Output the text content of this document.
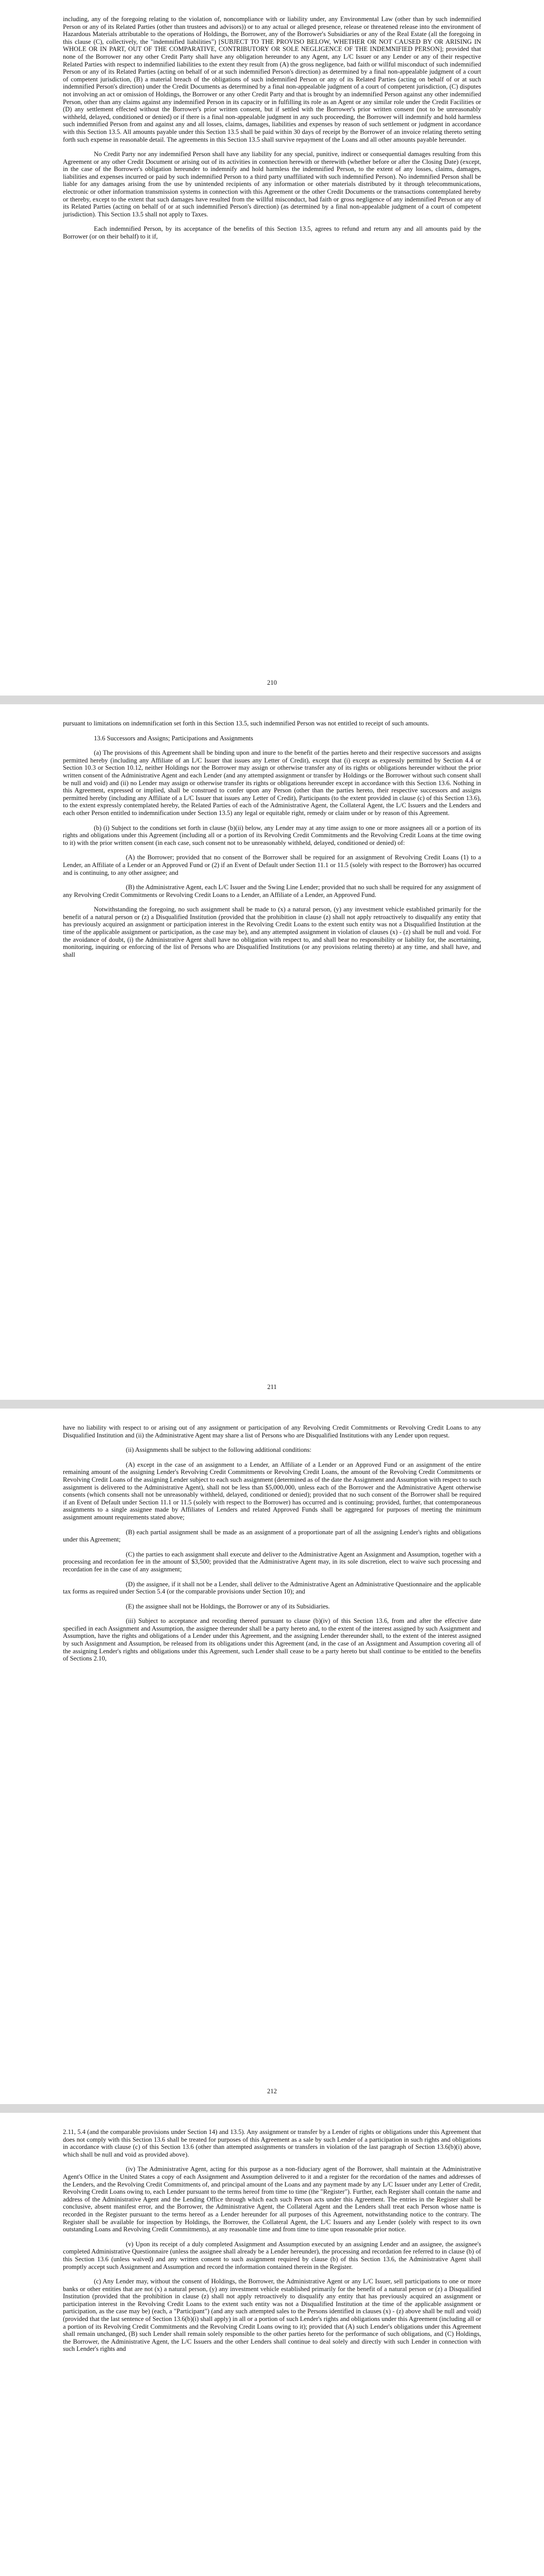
including, any of the foregoing relating to the violation of, noncompliance with or liability under, any Environmental Law (other than by such indemnified Person or any of its Related Parties (other than trustees and advisors)) or to any actual or alleged presence, release or threatened release into the environment of Hazardous Materials attributable to the operations of Holdings, the Borrower, any of the Borrower's Subsidiaries or any of the Real Estate (all the foregoing in this clause (C), collectively, the "indemnified liabilities") [SUBJECT TO THE PROVISO BELOW, WHETHER OR NOT CAUSED BY OR ARISING IN WHOLE OR IN PART, OUT OF THE COMPARATIVE, CONTRIBUTORY OR SOLE NEGLIGENCE OF THE INDEMNIFIED PERSON]; provided that none of the Borrower nor any other Credit Party shall have any obligation hereunder to any Agent, any L/C Issuer or any Lender or any of their respective Related Parties with respect to indemnified liabilities to the extent they result from (A) the gross negligence, bad faith or willful misconduct of such indemnified Person or any of its Related Parties (acting on behalf of or at such indemnified Person's direction) as determined by a final non-appealable judgment of a court of competent jurisdiction, (B) a material breach of the obligations of such indemnified Person or any of its Related Parties (acting on behalf of or at such indemnified Person's direction) under the Credit Documents as determined by a final non-appealable judgment of a court of competent jurisdiction, (C) disputes not involving an act or omission of Holdings, the Borrower or any other Credit Party and that is brought by an indemnified Person against any other indemnified Person, other than any claims against any indemnified Person in its capacity or in fulfilling its role as an Agent or any similar role under the Credit Facilities or (D) any settlement effected without the Borrower's prior written consent, but if settled with the Borrower's prior written consent (not to be unreasonably withheld, delayed, conditioned or denied) or if there is a final non-appealable judgment in any such proceeding, the Borrower will indemnify and hold harmless such indemnified Person from and against any and all losses, claims, damages, liabilities and expenses by reason of such settlement or judgment in accordance with this Section 13.5. All amounts payable under this Section 13.5 shall be paid within 30 days of receipt by the Borrower of an invoice relating thereto setting forth such expense in reasonable detail. The agreements in this Section 13.5 shall survive repayment of the Loans and all other amounts payable hereunder.

No Credit Party nor any indemnified Person shall have any liability for any special, punitive, indirect or consequential damages resulting from this Agreement or any other Credit Document or arising out of its activities in connection herewith or therewith (whether before or after the Closing Date) (except, in the case of the Borrower's obligation hereunder to indemnify and hold harmless the indemnified Person, to the extent of any losses, claims, damages, liabilities and expenses incurred or paid by such indemnified Person to a third party unaffiliated with such indemnified Person). No indemnified Person shall be liable for any damages arising from the use by unintended recipients of any information or other materials distributed by it through telecommunications, electronic or other information transmission systems in connection with this Agreement or the other Credit Documents or the transactions contemplated hereby or thereby, except to the extent that such damages have resulted from the willful misconduct, bad faith or gross negligence of any indemnified Person or any of its Related Parties (acting on behalf of or at such indemnified Person's direction) (as determined by a final non-appealable judgment of a court of competent jurisdiction). This Section 13.5 shall not apply to Taxes.

Each indemnified Person, by its acceptance of the benefits of this Section 13.5, agrees to refund and return any and all amounts paid by the Borrower (or on their behalf) to it if,

210

pursuant to limitations on indemnification set forth in this Section 13.5, such indemnified Person was not entitled to receipt of such amounts.

13.6 Successors and Assigns; Participations and Assignments

(a) The provisions of this Agreement shall be binding upon and inure to the benefit of the parties hereto and their respective successors and assigns permitted hereby (including any Affiliate of an L/C Issuer that issues any Letter of Credit), except that (i) except as expressly permitted by Section 4.4 or Section 10.3 or Section 10.12, neither Holdings nor the Borrower may assign or otherwise transfer any of its rights or obligations hereunder without the prior written consent of the Administrative Agent and each Lender (and any attempted assignment or transfer by Holdings or the Borrower without such consent shall be null and void) and (ii) no Lender may assign or otherwise transfer its rights or obligations hereunder except in accordance with this Section 13.6. Nothing in this Agreement, expressed or implied, shall be construed to confer upon any Person (other than the parties hereto, their respective successors and assigns permitted hereby (including any Affiliate of a L/C Issuer that issues any Letter of Credit), Participants (to the extent provided in clause (c) of this Section 13.6), to the extent expressly contemplated hereby, the Related Parties of each of the Administrative Agent, the Collateral Agent, the L/C Issuers and the Lenders and each other Person entitled to indemnification under Section 13.5) any legal or equitable right, remedy or claim under or by reason of this Agreement.

(b) (i) Subject to the conditions set forth in clause (b)(ii) below, any Lender may at any time assign to one or more assignees all or a portion of its rights and obligations under this Agreement (including all or a portion of its Revolving Credit Commitments and the Revolving Credit Loans at the time owing to it) with the prior written consent (in each case, such consent not to be unreasonably withheld, delayed, conditioned or denied) of:

(A) the Borrower; provided that no consent of the Borrower shall be required for an assignment of Revolving Credit Loans (1) to a Lender, an Affiliate of a Lender or an Approved Fund or (2) if an Event of Default under Section 11.1 or 11.5 (solely with respect to the Borrower) has occurred and is continuing, to any other assignee; and

(B) the Administrative Agent, each L/C Issuer and the Swing Line Lender; provided that no such shall be required for any assignment of any Revolving Credit Commitments or Revolving Credit Loans to a Lender, an Affiliate of a Lender, an Approved Fund.

Notwithstanding the foregoing, no such assignment shall be made to (x) a natural person, (y) any investment vehicle established primarily for the benefit of a natural person or (z) a Disqualified Institution (provided that the prohibition in clause (z) shall not apply retroactively to disqualify any entity that has previously acquired an assignment or participation interest in the Revolving Credit Loans to the extent such entity was not a Disqualified Institution at the time of the applicable assignment or participation, as the case may be), and any attempted assignment in violation of clauses (x) - (z) shall be null and void. For the avoidance of doubt, (i) the Administrative Agent shall have no obligation with respect to, and shall bear no responsibility or liability for, the ascertaining, monitoring, inquiring or enforcing of the list of Persons who are Disqualified Institutions (or any provisions relating thereto) at any time, and shall have, and shall

211

have no liability with respect to or arising out of any assignment or participation of any Revolving Credit Commitments or Revolving Credit Loans to any Disqualified Institution and (ii) the Administrative Agent may share a list of Persons who are Disqualified Institutions with any Lender upon request.

(ii) Assignments shall be subject to the following additional conditions:

(A) except in the case of an assignment to a Lender, an Affiliate of a Lender or an Approved Fund or an assignment of the entire remaining amount of the assigning Lender's Revolving Credit Commitments or Revolving Credit Loans, the amount of the Revolving Credit Commitments or Revolving Credit Loans of the assigning Lender subject to each such assignment (determined as of the date the Assignment and Assumption with respect to such assignment is delivered to the Administrative Agent), shall not be less than $5,000,000, unless each of the Borrower and the Administrative Agent otherwise consents (which consents shall not be unreasonably withheld, delayed, conditioned or denied); provided that no such consent of the Borrower shall be required if an Event of Default under Section 11.1 or 11.5 (solely with respect to the Borrower) has occurred and is continuing; provided, further, that contemporaneous assignments to a single assignee made by Affiliates of Lenders and related Approved Funds shall be aggregated for purposes of meeting the minimum assignment amount requirements stated above;

(B) each partial assignment shall be made as an assignment of a proportionate part of all the assigning Lender's rights and obligations under this Agreement;

(C) the parties to each assignment shall execute and deliver to the Administrative Agent an Assignment and Assumption, together with a processing and recordation fee in the amount of $3,500; provided that the Administrative Agent may, in its sole discretion, elect to waive such processing and recordation fee in the case of any assignment;

(D) the assignee, if it shall not be a Lender, shall deliver to the Administrative Agent an Administrative Questionnaire and the applicable tax forms as required under Section 5.4 (or the comparable provisions under Section 10); and

(E) the assignee shall not be Holdings, the Borrower or any of its Subsidiaries.

(iii) Subject to acceptance and recording thereof pursuant to clause (b)(iv) of this Section 13.6, from and after the effective date specified in each Assignment and Assumption, the assignee thereunder shall be a party hereto and, to the extent of the interest assigned by such Assignment and Assumption, have the rights and obligations of a Lender under this Agreement, and the assigning Lender thereunder shall, to the extent of the interest assigned by such Assignment and Assumption, be released from its obligations under this Agreement (and, in the case of an Assignment and Assumption covering all of the assigning Lender's rights and obligations under this Agreement, such Lender shall cease to be a party hereto but shall continue to be entitled to the benefits of Sections 2.10,

212

2.11, 5.4 (and the comparable provisions under Section 14) and 13.5). Any assignment or transfer by a Lender of rights or obligations under this Agreement that does not comply with this Section 13.6 shall be treated for purposes of this Agreement as a sale by such Lender of a participation in such rights and obligations in accordance with clause (c) of this Section 13.6 (other than attempted assignments or transfers in violation of the last paragraph of Section 13.6(b)(i) above, which shall be null and void as provided above).

(iv) The Administrative Agent, acting for this purpose as a non-fiduciary agent of the Borrower, shall maintain at the Administrative Agent's Office in the United States a copy of each Assignment and Assumption delivered to it and a register for the recordation of the names and addresses of the Lenders, and the Revolving Credit Commitments of, and principal amount of the Loans and any payment made by any L/C Issuer under any Letter of Credit, Revolving Credit Loans owing to, each Lender pursuant to the terms hereof from time to time (the "Register"). Further, each Register shall contain the name and address of the Administrative Agent and the Lending Office through which each such Person acts under this Agreement. The entries in the Register shall be conclusive, absent manifest error, and the Borrower, the Administrative Agent, the Collateral Agent and the Lenders shall treat each Person whose name is recorded in the Register pursuant to the terms hereof as a Lender hereunder for all purposes of this Agreement, notwithstanding notice to the contrary. The Register shall be available for inspection by Holdings, the Borrower, the Collateral Agent, the L/C Issuers and any Lender (solely with respect to its own outstanding Loans and Revolving Credit Commitments), at any reasonable time and from time to time upon reasonable prior notice.

(v) Upon its receipt of a duly completed Assignment and Assumption executed by an assigning Lender and an assignee, the assignee's completed Administrative Questionnaire (unless the assignee shall already be a Lender hereunder), the processing and recordation fee referred to in clause (b) of this Section 13.6 (unless waived) and any written consent to such assignment required by clause (b) of this Section 13.6, the Administrative Agent shall promptly accept such Assignment and Assumption and record the information contained therein in the Register.

(c) Any Lender may, without the consent of Holdings, the Borrower, the Administrative Agent or any L/C Issuer, sell participations to one or more banks or other entities that are not (x) a natural person, (y) any investment vehicle established primarily for the benefit of a natural person or (z) a Disqualified Institution (provided that the prohibition in clause (z) shall not apply retroactively to disqualify any entity that has previously acquired an assignment or participation interest in the Revolving Credit Loans to the extent such entity was not a Disqualified Institution at the time of the applicable assignment or participation, as the case may be) (each, a "Participant") (and any such attempted sales to the Persons identified in clauses (x) - (z) above shall be null and void) (provided that the last sentence of Section 13.6(b)(i) shall apply) in all or a portion of such Lender's rights and obligations under this Agreement (including all or a portion of its Revolving Credit Commitments and the Revolving Credit Loans owing to it); provided that (A) such Lender's obligations under this Agreement shall remain unchanged, (B) such Lender shall remain solely responsible to the other parties hereto for the performance of such obligations, and (C) Holdings, the Borrower, the Administrative Agent, the L/C Issuers and the other Lenders shall continue to deal solely and directly with such Lender in connection with such Lender's rights and
